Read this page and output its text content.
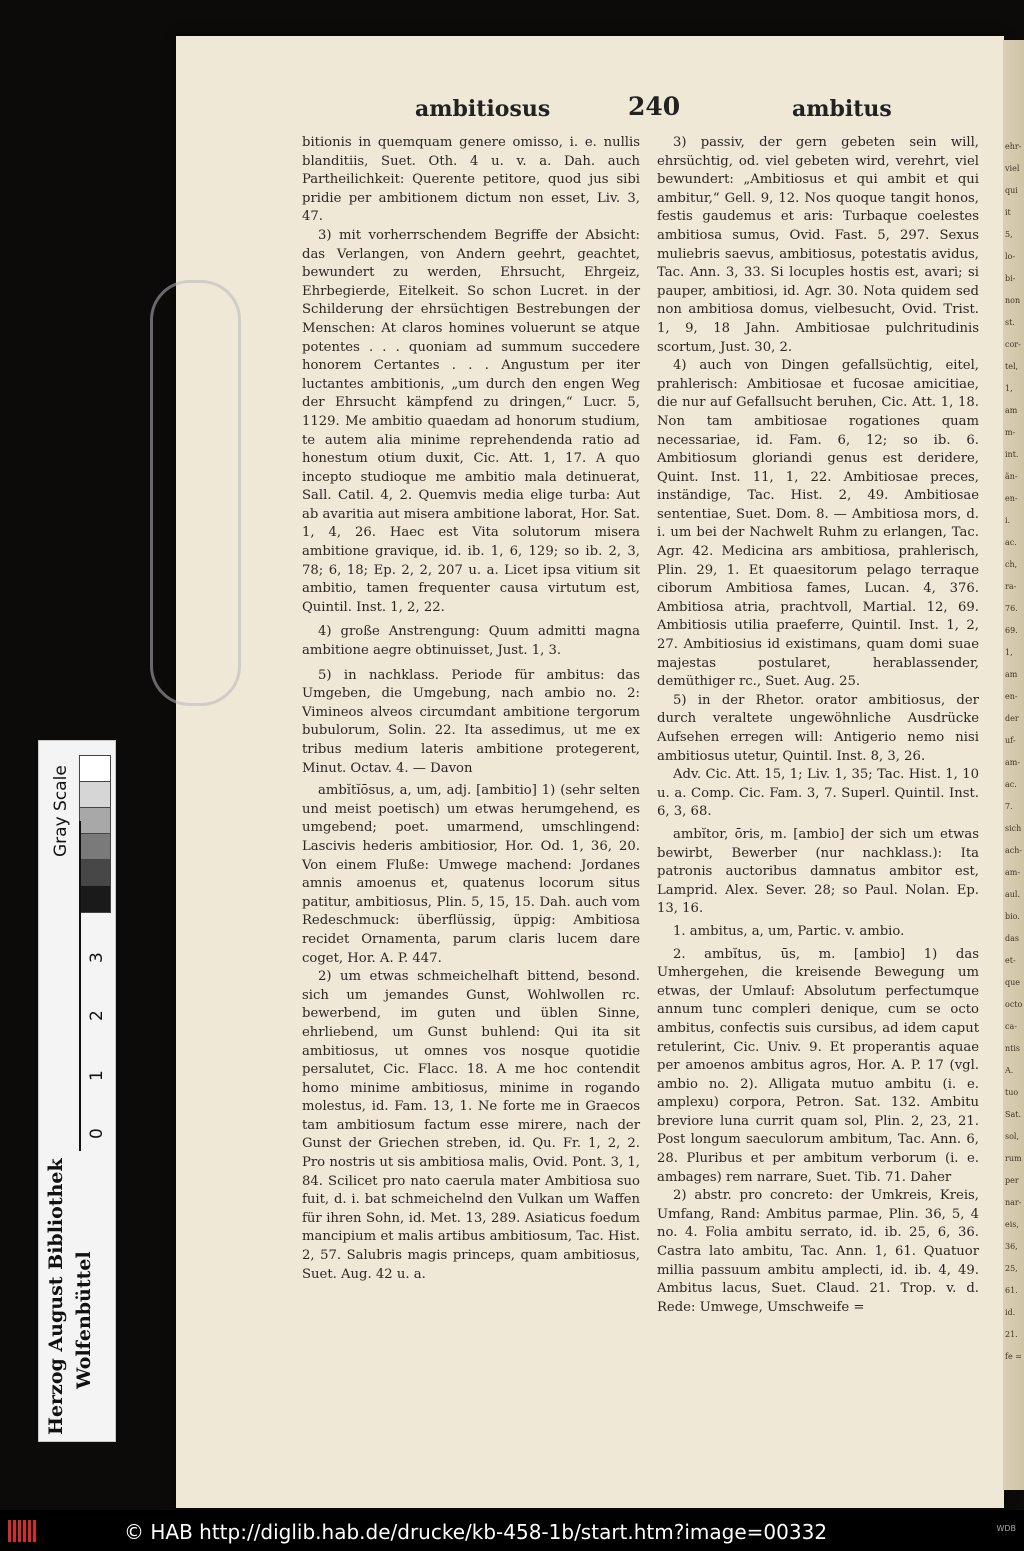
ehr-
viel
qui
it
5,
lo-
bi-
non
st.
cor-
tel,
1,
am
m-
int.
än-
en-
i.
ac.
ch,
ra-
76.
69.
1,
am
en-
der
uf-
am-
ac.
7.
sich
ach-
am-
aul.
bio.
das
et-
que
octo
ca-
ntis
A.
tuo
Sat.
sol,
rum
per
nar-
eis,
36,
25,
61.
id.
21.
fe =
ambitiosus	240	ambitus

bitionis in quemquam genere omisso, i. e. nullis blanditiis, Suet. Oth. 4 u. v. a. Dah. auch Partheilichkeit: Querente petitore, quod jus sibi pridie per ambitionem dictum non esset, Liv. 3, 47.

3) mit vorherrschendem Begriffe der Absicht: das Verlangen, von Andern geehrt, geachtet, bewundert zu werden, Ehrsucht, Ehrgeiz, Ehrbegierde, Eitelkeit. So schon Lucret. in der Schilderung der ehrsüchtigen Bestrebungen der Menschen: At claros homines voluerunt se atque potentes . . . quoniam ad summum succedere honorem Certantes . . . Angustum per iter luctantes ambitionis, „um durch den engen Weg der Ehrsucht kämpfend zu dringen,“ Lucr. 5, 1129. Me ambitio quaedam ad honorum studium, te autem alia minime reprehendenda ratio ad honestum otium duxit, Cic. Att. 1, 17. A quo incepto studioque me ambitio mala detinuerat, Sall. Catil. 4, 2. Quemvis media elige turba: Aut ab avaritia aut misera ambitione laborat, Hor. Sat. 1, 4, 26. Haec est Vita solutorum misera ambitione gravique, id. ib. 1, 6, 129; so ib. 2, 3, 78; 6, 18; Ep. 2, 2, 207 u. a. Licet ipsa vitium sit ambitio, tamen frequenter causa virtutum est, Quintil. Inst. 1, 2, 22.

4) große Anstrengung: Quum admitti magna ambitione aegre obtinuisset, Just. 1, 3.

5) in nachklass. Periode für ambitus: das Umgeben, die Umgebung, nach ambio no. 2: Vimineos alveos circumdant ambitione tergorum bubulorum, Solin. 22. Ita assedimus, ut me ex tribus medium lateris ambitione protegerent, Minut. Octav. 4. — Davon

ambĭtĭōsus, a, um, adj. [ambitio] 1) (sehr selten und meist poetisch) um etwas herumgehend, es umgebend; poet. umarmend, umschlingend: Lascivis hederis ambitiosior, Hor. Od. 1, 36, 20. Von einem Fluße: Umwege machend: Jordanes amnis amoenus et, quatenus locorum situs patitur, ambitiosus, Plin. 5, 15, 15. Dah. auch vom Redeschmuck: überflüssig, üppig: Ambitiosa recidet Ornamenta, parum claris lucem dare coget, Hor. A. P. 447.

2) um etwas schmeichelhaft bittend, besond. sich um jemandes Gunst, Wohlwollen rc. bewerbend, im guten und üblen Sinne, ehrliebend, um Gunst buhlend: Qui ita sit ambitiosus, ut omnes vos nosque quotidie persalutet, Cic. Flacc. 18. A me hoc contendit homo minime ambitiosus, minime in rogando molestus, id. Fam. 13, 1. Ne forte me in Graecos tam ambitiosum factum esse mirere, nach der Gunst der Griechen streben, id. Qu. Fr. 1, 2, 2. Pro nostris ut sis ambitiosa malis, Ovid. Pont. 3, 1, 84. Scilicet pro nato caerula mater Ambitiosa suo fuit, d. i. bat schmeichelnd den Vulkan um Waffen für ihren Sohn, id. Met. 13, 289. Asiaticus foedum mancipium et malis artibus ambitiosum, Tac. Hist. 2, 57. Salubris magis princeps, quam ambitiosus, Suet. Aug. 42 u. a.

3) passiv, der gern gebeten sein will, ehrsüchtig, od. viel gebeten wird, verehrt, viel bewundert: „Ambitiosus et qui ambit et qui ambitur,“ Gell. 9, 12. Nos quoque tangit honos, festis gaudemus et aris: Turbaque coelestes ambitiosa sumus, Ovid. Fast. 5, 297. Sexus muliebris saevus, ambitiosus, potestatis avidus, Tac. Ann. 3, 33. Si locuples hostis est, avari; si pauper, ambitiosi, id. Agr. 30. Nota quidem sed non ambitiosa domus, vielbesucht, Ovid. Trist. 1, 9, 18 Jahn. Ambitiosae pulchritudinis scortum, Just. 30, 2.

4) auch von Dingen gefallsüchtig, eitel, prahlerisch: Ambitiosae et fucosae amicitiae, die nur auf Gefallsucht beruhen, Cic. Att. 1, 18. Non tam ambitiosae rogationes quam necessariae, id. Fam. 6, 12; so ib. 6. Ambitiosum gloriandi genus est deridere, Quint. Inst. 11, 1, 22. Ambitiosae preces, inständige, Tac. Hist. 2, 49. Ambitiosae sententiae, Suet. Dom. 8. — Ambitiosa mors, d. i. um bei der Nachwelt Ruhm zu erlangen, Tac. Agr. 42. Medicina ars ambitiosa, prahlerisch, Plin. 29, 1. Et quaesitorum pelago terraque ciborum Ambitiosa fames, Lucan. 4, 376. Ambitiosa atria, prachtvoll, Martial. 12, 69. Ambitiosis utilia praeferre, Quintil. Inst. 1, 2, 27. Ambitiosius id existimans, quam domi suae majestas postularet, herablassender, demüthiger rc., Suet. Aug. 25.

5) in der Rhetor. orator ambitiosus, der durch veraltete ungewöhnliche Ausdrücke Aufsehen erregen will: Antigerio nemo nisi ambitiosus utetur, Quintil. Inst. 8, 3, 26.

Adv. Cic. Att. 15, 1; Liv. 1, 35; Tac. Hist. 1, 10 u. a. Comp. Cic. Fam. 3, 7. Superl. Quintil. Inst. 6, 3, 68.

ambĭtor, ōris, m. [ambio] der sich um etwas bewirbt, Bewerber (nur nachklass.): Ita patronis auctoribus damnatus ambitor est, Lamprid. Alex. Sever. 28; so Paul. Nolan. Ep. 13, 16.

1. ambitus, a, um, Partic. v. ambio.

2. ambĭtus, ūs, m. [ambio] 1) das Umhergehen, die kreisende Bewegung um etwas, der Umlauf: Absolutum perfectumque annum tunc compleri denique, cum se octo ambitus, confectis suis cursibus, ad idem caput retulerint, Cic. Univ. 9. Et properantis aquae per amoenos ambitus agros, Hor. A. P. 17 (vgl. ambio no. 2). Alligata mutuo ambitu (i. e. amplexu) corpora, Petron. Sat. 132. Ambitu breviore luna currit quam sol, Plin. 2, 23, 21. Post longum saeculorum ambitum, Tac. Ann. 6, 28. Pluribus et per ambitum verborum (i. e. ambages) rem narrare, Suet. Tib. 71. Daher

2) abstr. pro concreto: der Umkreis, Kreis, Umfang, Rand: Ambitus parmae, Plin. 36, 5, 4 no. 4. Folia ambitu serrato, id. ib. 25, 6, 36. Castra lato ambitu, Tac. Ann. 1, 61. Quatuor millia passuum ambitu amplecti, id. ib. 4, 49. Ambitus lacus, Suet. Claud. 21. Trop. v. d. Rede: Umwege, Umschweife =

Herzog August Bibliothek Wolfenbüttel
Gray Scale
0
1
2
3
© HAB http://diglib.hab.de/drucke/kb-458-1b/start.htm?image=00332	WDB
